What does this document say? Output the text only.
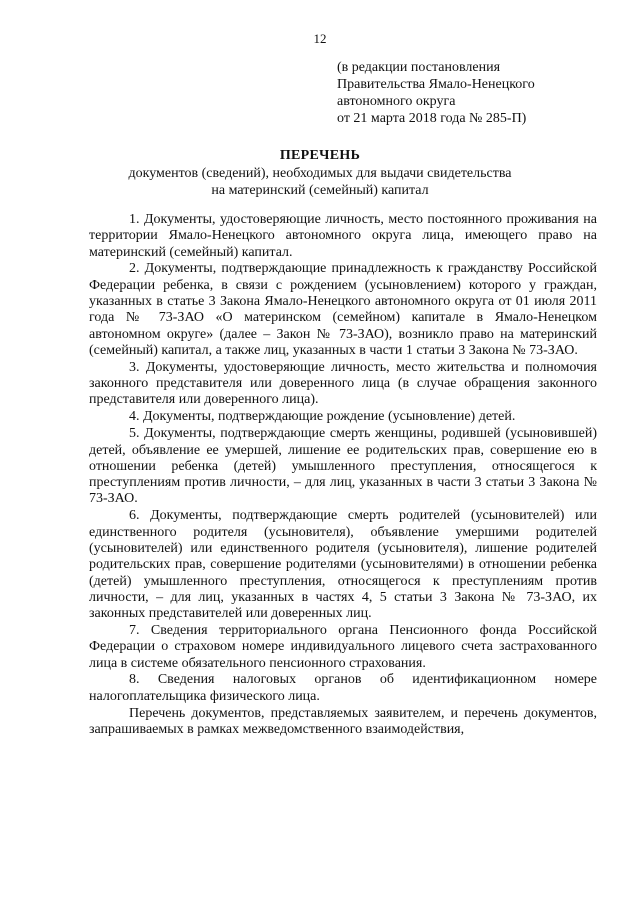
12
(в редакции постановления
Правительства Ямало-Ненецкого
автономного округа
от 21 марта 2018 года № 285-П)
ПЕРЕЧЕНЬ
документов (сведений), необходимых для выдачи свидетельства
на материнский (семейный) капитал

1. Документы, удостоверяющие личность, место постоянного проживания на территории Ямало-Ненецкого автономного округа лица, имеющего право на материнский (семейный) капитал.

2. Документы, подтверждающие принадлежность к гражданству Российской Федерации ребенка, в связи с рождением (усыновлением) которого у граждан, указанных в статье 3 Закона Ямало-Ненецкого автономного округа от 01 июля 2011 года № 73-ЗАО «О материнском (семейном) капитале в Ямало-Ненецком автономном округе» (далее – Закон № 73-ЗАО), возникло право на материнский (семейный) капитал, а также лиц, указанных в части 1 статьи 3 Закона № 73-ЗАО.

3. Документы, удостоверяющие личность, место жительства и полномочия законного представителя или доверенного лица (в случае обращения законного представителя или доверенного лица).

4. Документы, подтверждающие рождение (усыновление) детей.

5. Документы, подтверждающие смерть женщины, родившей (усыновившей) детей, объявление ее умершей, лишение ее родительских прав, совершение ею в отношении ребенка (детей) умышленного преступления, относящегося к преступлениям против личности, – для лиц, указанных в части 3 статьи 3 Закона № 73-ЗАО.

6. Документы, подтверждающие смерть родителей (усыновителей) или единственного родителя (усыновителя), объявление умершими родителей (усыновителей) или единственного родителя (усыновителя), лишение родителей родительских прав, совершение родителями (усыновителями) в отношении ребенка (детей) умышленного преступления, относящегося к преступлениям против личности, – для лиц, указанных в частях 4, 5 статьи 3 Закона № 73-ЗАО, их законных представителей или доверенных лиц.

7. Сведения территориального органа Пенсионного фонда Российской Федерации о страховом номере индивидуального лицевого счета застрахованного лица в системе обязательного пенсионного страхования.

8. Сведения налоговых органов об идентификационном номере налогоплательщика физического лица.

Перечень документов, представляемых заявителем, и перечень документов, запрашиваемых в рамках межведомственного взаимодействия,
